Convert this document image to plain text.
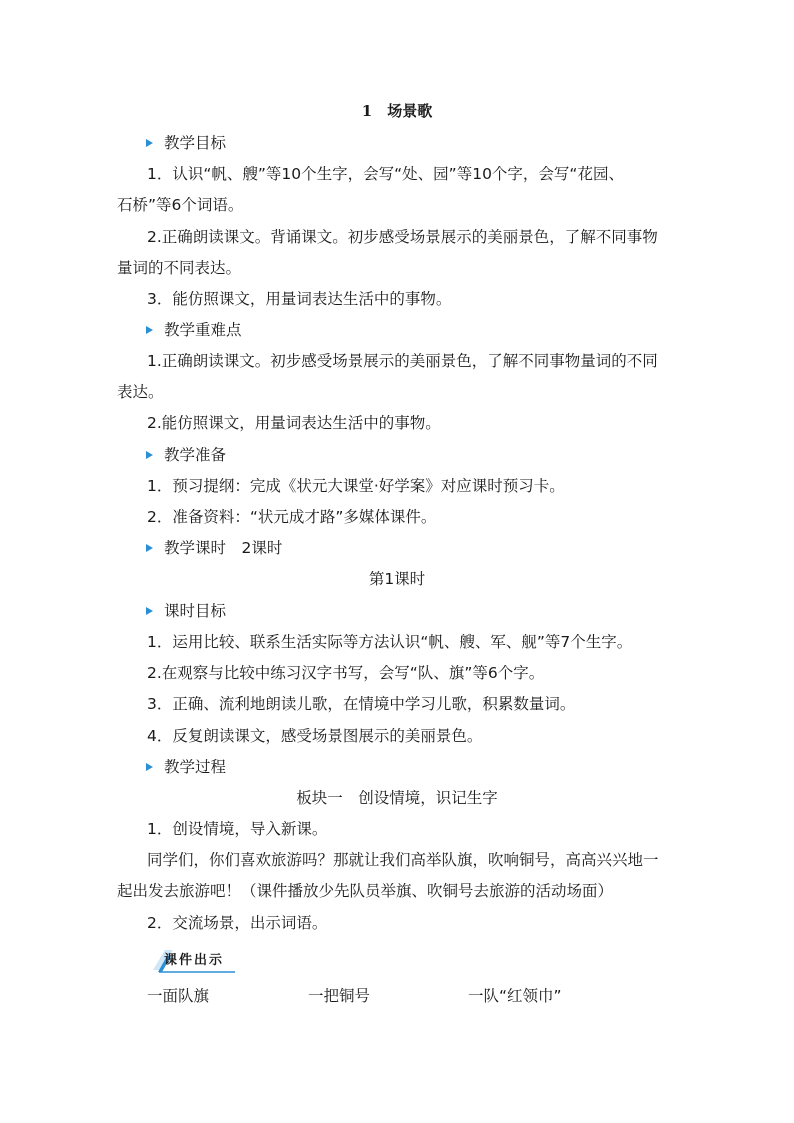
1　场景歌
教学目标
1．认识“帆、艘”等10个生字，会写“处、园”等10个字，会写“花园、
石桥”等6个词语。
2.正确朗读课文。背诵课文。初步感受场景展示的美丽景色，了解不同事物
量词的不同表达。
3．能仿照课文，用量词表达生活中的事物。
教学重难点
1.正确朗读课文。初步感受场景展示的美丽景色，了解不同事物量词的不同
表达。
2.能仿照课文，用量词表达生活中的事物。
教学准备
1．预习提纲：完成《状元大课堂·好学案》对应课时预习卡。
2．准备资料：“状元成才路”多媒体课件。
教学课时　2课时
第1课时
课时目标
1．运用比较、联系生活实际等方法认识“帆、艘、军、舰”等7个生字。
2.在观察与比较中练习汉字书写，会写“队、旗”等6个字。
3．正确、流利地朗读儿歌，在情境中学习儿歌，积累数量词。
4．反复朗读课文，感受场景图展示的美丽景色。
教学过程
板块一　创设情境，识记生字
1．创设情境，导入新课。
同学们，你们喜欢旅游吗？那就让我们高举队旗，吹响铜号，高高兴兴地一
起出发去旅游吧！（课件播放少先队员举旗、吹铜号去旅游的活动场面）
2．交流场景，出示词语。
课件出示
一面队旗	一把铜号	一队“红领巾”
